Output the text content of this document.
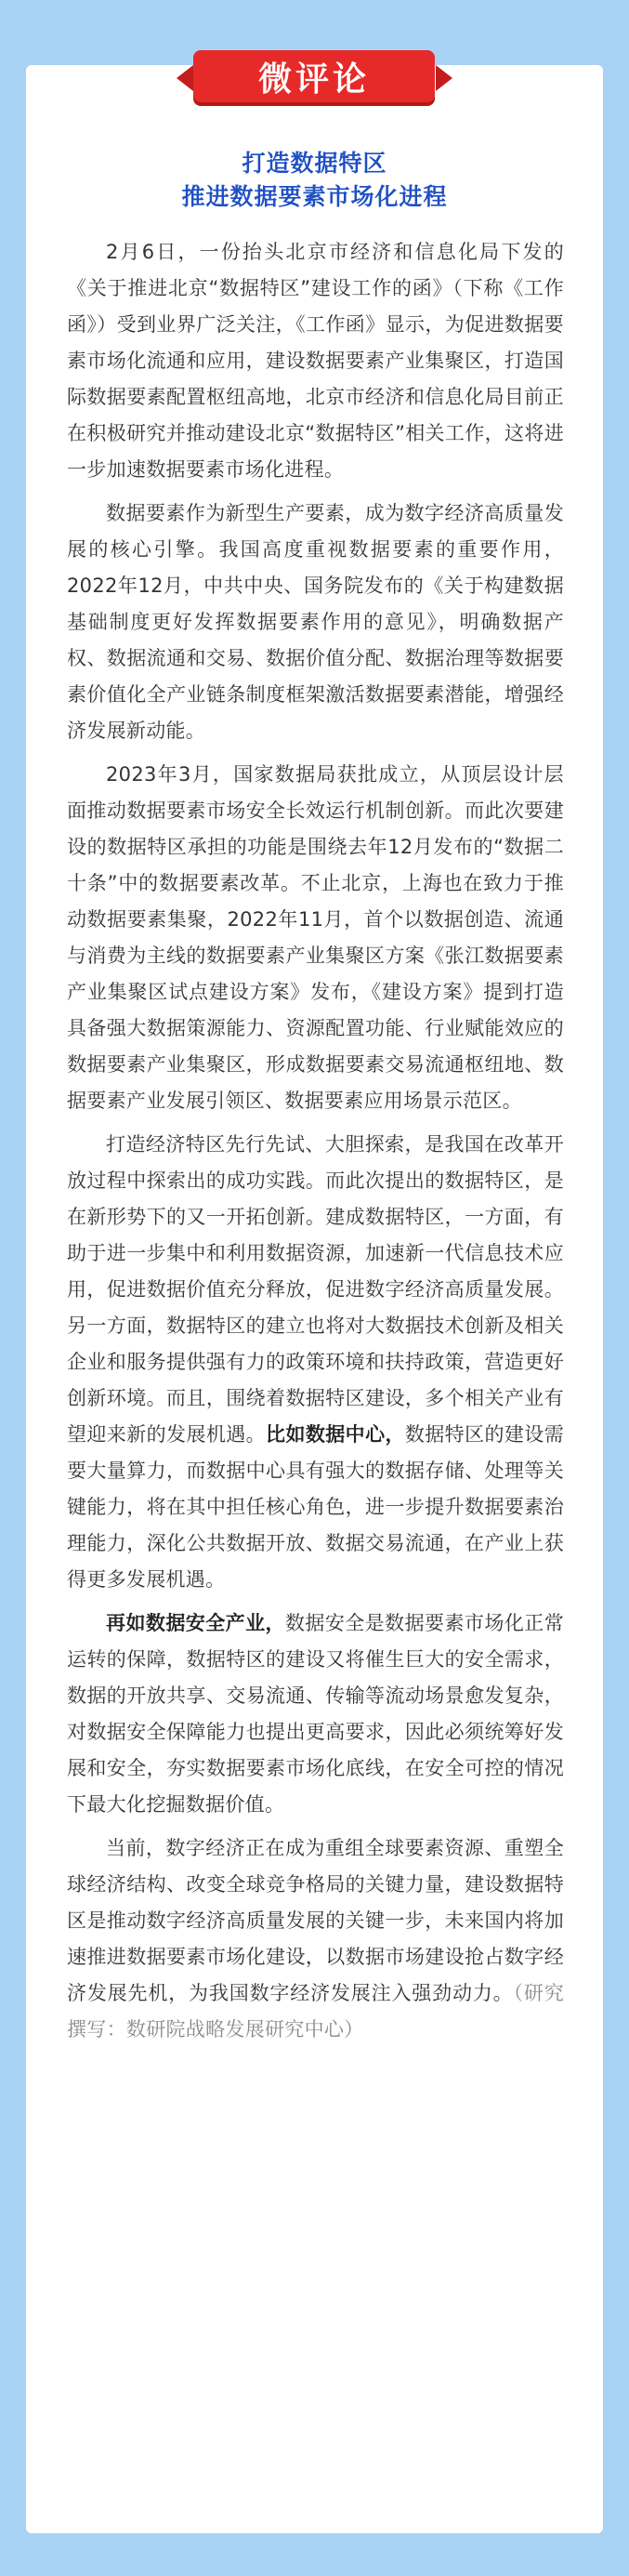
微评论
打造数据特区
推进数据要素市场化进程

2月6日，一份抬头北京市经济和信息化局下发的《关于推进北京“数据特区”建设工作的函》（下称《工作函》）受到业界广泛关注，《工作函》显示，为促进数据要素市场化流通和应用，建设数据要素产业集聚区，打造国际数据要素配置枢纽高地，北京市经济和信息化局目前正在积极研究并推动建设北京“数据特区”相关工作，这将进一步加速数据要素市场化进程。

数据要素作为新型生产要素，成为数字经济高质量发展的核心引擎。我国高度重视数据要素的重要作用，2022年12月，中共中央、国务院发布的《关于构建数据基础制度更好发挥数据要素作用的意见》，明确数据产权、数据流通和交易、数据价值分配、数据治理等数据要素价值化全产业链条制度框架激活数据要素潜能，增强经济发展新动能。

2023年3月，国家数据局获批成立，从顶层设计层面推动数据要素市场安全长效运行机制创新。而此次要建设的数据特区承担的功能是围绕去年12月发布的“数据二十条”中的数据要素改革。不止北京，上海也在致力于推动数据要素集聚，2022年11月，首个以数据创造、流通与消费为主线的数据要素产业集聚区方案《张江数据要素产业集聚区试点建设方案》发布，《建设方案》提到打造具备强大数据策源能力、资源配置功能、行业赋能效应的数据要素产业集聚区，形成数据要素交易流通枢纽地、数据要素产业发展引领区、数据要素应用场景示范区。

打造经济特区先行先试、大胆探索，是我国在改革开放过程中探索出的成功实践。而此次提出的数据特区，是在新形势下的又一开拓创新。建成数据特区，一方面，有助于进一步集中和利用数据资源，加速新一代信息技术应用，促进数据价值充分释放，促进数字经济高质量发展。另一方面，数据特区的建立也将对大数据技术创新及相关企业和服务提供强有力的政策环境和扶持政策，营造更好创新环境。而且，围绕着数据特区建设，多个相关产业有望迎来新的发展机遇。比如数据中心，数据特区的建设需要大量算力，而数据中心具有强大的数据存储、处理等关键能力，将在其中担任核心角色，进一步提升数据要素治理能力，深化公共数据开放、数据交易流通，在产业上获得更多发展机遇。

再如数据安全产业，数据安全是数据要素市场化正常运转的保障，数据特区的建设又将催生巨大的安全需求，数据的开放共享、交易流通、传输等流动场景愈发复杂，对数据安全保障能力也提出更高要求，因此必须统筹好发展和安全，夯实数据要素市场化底线，在安全可控的情况下最大化挖掘数据价值。

当前，数字经济正在成为重组全球要素资源、重塑全球经济结构、改变全球竞争格局的关键力量，建设数据特区是推动数字经济高质量发展的关键一步，未来国内将加速推进数据要素市场化建设，以数据市场建设抢占数字经济发展先机，为我国数字经济发展注入强劲动力。（研究撰写：数研院战略发展研究中心）
